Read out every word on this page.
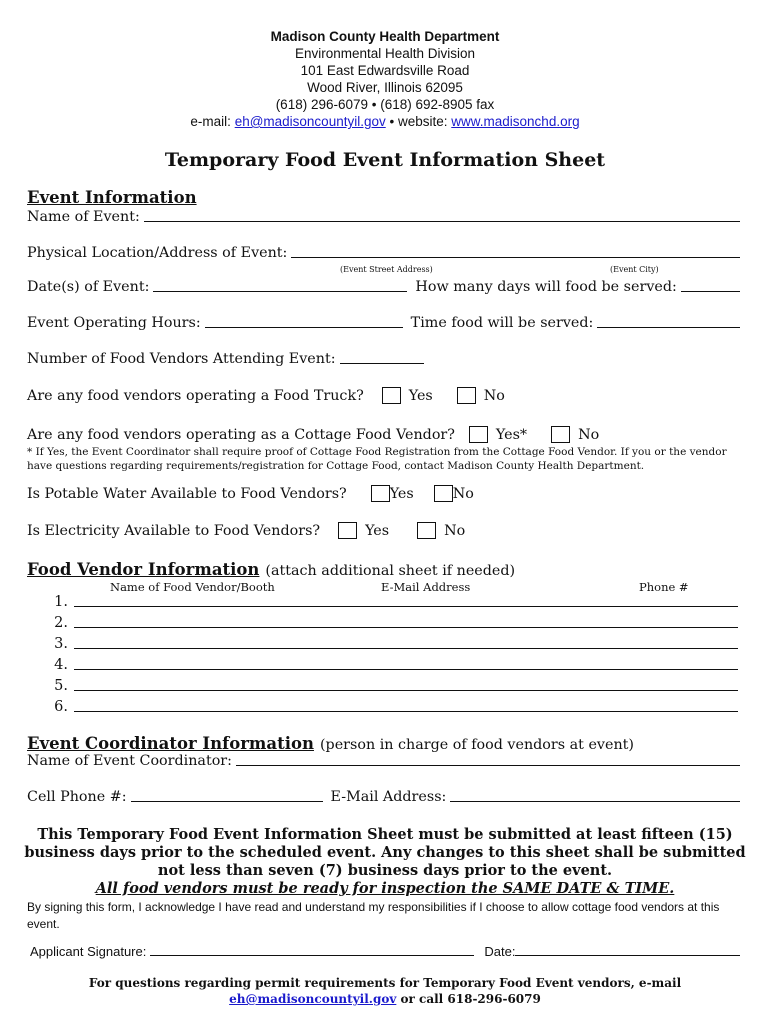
Madison County Health Department
Environmental Health Division
101 East Edwardsville Road
Wood River, Illinois 62095
(618) 296-6079 • (618) 692-8905 fax
e-mail: eh@madisoncountyil.gov • website: www.madisonchd.org
Temporary Food Event Information Sheet
Event Information
Name of Event:
Physical Location/Address of Event:
(Event Street Address)	(Event City)
Date(s) of Event:	How many days will food be served:
Event Operating Hours:	Time food will be served:
Number of Food Vendors Attending Event:
Are any food vendors operating a Food Truck?	Yes	No
Are any food vendors operating as a Cottage Food Vendor?	Yes*	No
* If Yes, the Event Coordinator shall require proof of Cottage Food Registration from the Cottage Food Vendor. If you or the vendor have questions regarding requirements/registration for Cottage Food, contact Madison County Health Department.
Is Potable Water Available to Food Vendors?	Yes	No
Is Electricity Available to Food Vendors?	Yes	No
Food Vendor Information (attach additional sheet if needed)
Name of Food Vendor/Booth	E-Mail Address	Phone #
1.
2.
3.
4.
5.
6.
Event Coordinator Information (person in charge of food vendors at event)
Name of Event Coordinator:
Cell Phone #:	E-Mail Address:
This Temporary Food Event Information Sheet must be submitted at least fifteen (15)
business days prior to the scheduled event. Any changes to this sheet shall be submitted
not less than seven (7) business days prior to the event.
All food vendors must be ready for inspection the SAME DATE & TIME.
By signing this form, I acknowledge I have read and understand my responsibilities if I choose to allow cottage food vendors at this event.
Applicant Signature:	Date:
For questions regarding permit requirements for Temporary Food Event vendors, e-mail
eh@madisoncountyil.gov or call 618-296-6079
